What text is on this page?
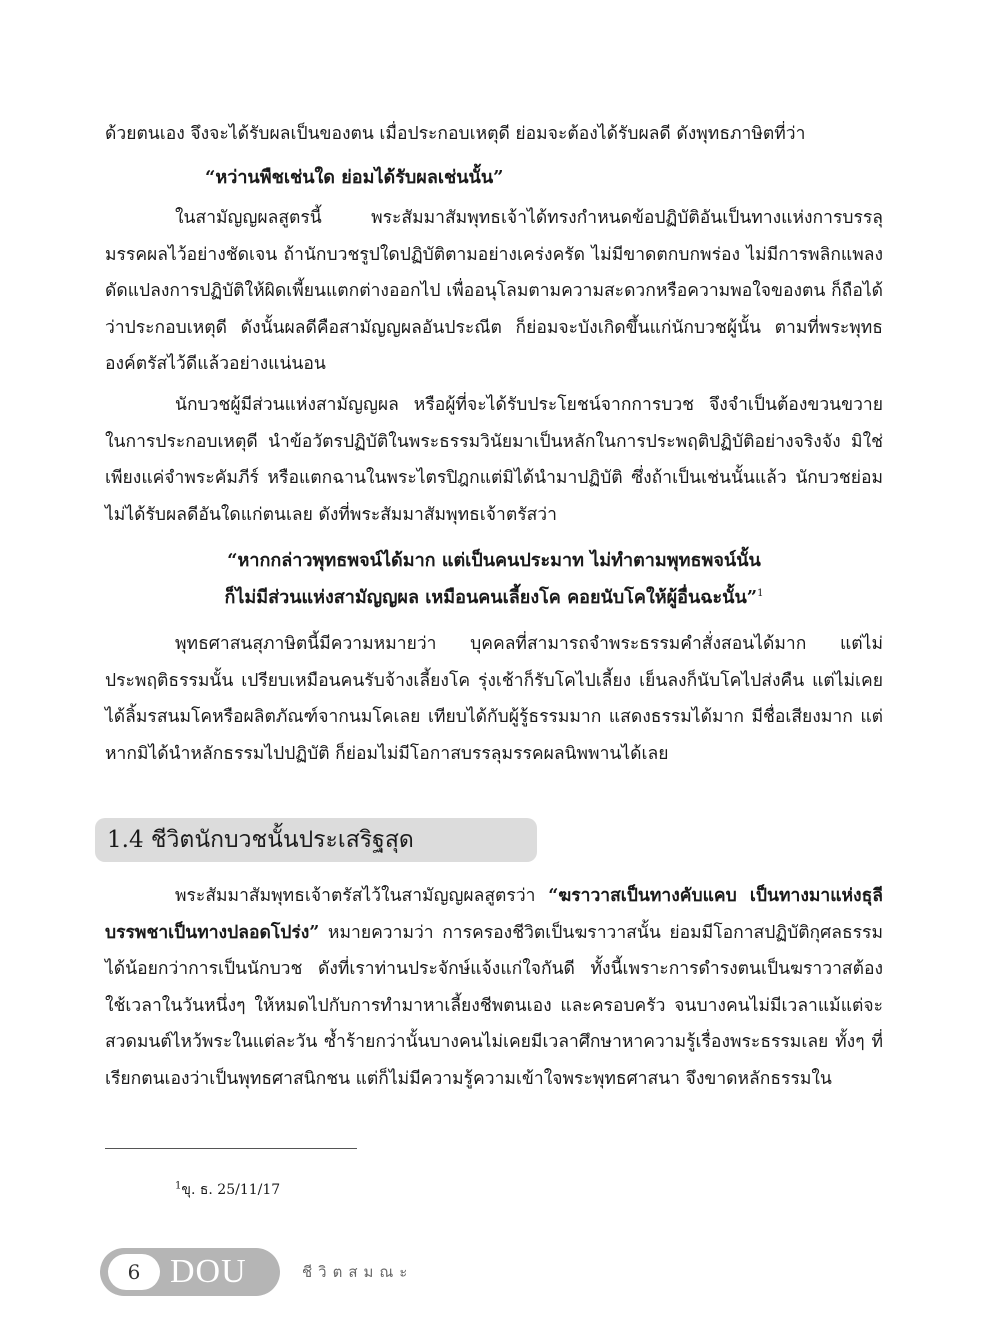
ด้วยตนเอง จึงจะได้รับผลเป็นของตน เมื่อประกอบเหตุดี ย่อมจะต้องได้รับผลดี ดังพุทธภาษิตที่ว่า

“หว่านพืชเช่นใด ย่อมได้รับผลเช่นนั้น”

ในสามัญญผลสูตรนี้ พระสัมมาสัมพุทธเจ้าได้ทรงกำหนดข้อปฏิบัติอันเป็นทางแห่งการบรรลุมรรคผลไว้อย่างชัดเจน ถ้านักบวชรูปใดปฏิบัติตามอย่างเคร่งครัด ไม่มีขาดตกบกพร่อง ไม่มีการพลิกแพลงดัดแปลงการปฏิบัติให้ผิดเพี้ยนแตกต่างออกไป เพื่ออนุโลมตามความสะดวกหรือความพอใจของตน ก็ถือได้ว่าประกอบเหตุดี ดังนั้นผลดีคือสามัญญผลอันประณีต ก็ย่อมจะบังเกิดขึ้นแก่นักบวชผู้นั้น ตามที่พระพุทธองค์ตรัสไว้ดีแล้วอย่างแน่นอน

นักบวชผู้มีส่วนแห่งสามัญญผล หรือผู้ที่จะได้รับประโยชน์จากการบวช จึงจำเป็นต้องขวนขวายในการประกอบเหตุดี นำข้อวัตรปฏิบัติในพระธรรมวินัยมาเป็นหลักในการประพฤติปฏิบัติอย่างจริงจัง มิใช่เพียงแค่จำพระคัมภีร์ หรือแตกฉานในพระไตรปิฎกแต่มิได้นำมาปฏิบัติ ซึ่งถ้าเป็นเช่นนั้นแล้ว นักบวชย่อมไม่ได้รับผลดีอันใดแก่ตนเลย ดังที่พระสัมมาสัมพุทธเจ้าตรัสว่า

“หากกล่าวพุทธพจน์ได้มาก แต่เป็นคนประมาท ไม่ทำตามพุทธพจน์นั้น
ก็ไม่มีส่วนแห่งสามัญญผล เหมือนคนเลี้ยงโค คอยนับโคให้ผู้อื่นฉะนั้น”$^1$

พุทธศาสนสุภาษิตนี้มีความหมายว่า บุคคลที่สามารถจำพระธรรมคำสั่งสอนได้มาก แต่ไม่ประพฤติธรรมนั้น เปรียบเหมือนคนรับจ้างเลี้ยงโค รุ่งเช้าก็รับโคไปเลี้ยง เย็นลงก็นับโคไปส่งคืน แต่ไม่เคยได้ลิ้มรสนมโคหรือผลิตภัณฑ์จากนมโคเลย เทียบได้กับผู้รู้ธรรมมาก แสดงธรรมได้มาก มีชื่อเสียงมาก แต่หากมิได้นำหลักธรรมไปปฏิบัติ ก็ย่อมไม่มีโอกาสบรรลุมรรคผลนิพพานได้เลย

1.4 ชีวิตนักบวชนั้นประเสริฐสุด

พระสัมมาสัมพุทธเจ้าตรัสไว้ในสามัญญผลสูตรว่า “ฆราวาสเป็นทางคับแคบ เป็นทางมาแห่งธุลี บรรพชาเป็นทางปลอดโปร่ง” หมายความว่า การครองชีวิตเป็นฆราวาสนั้น ย่อมมีโอกาสปฏิบัติกุศลธรรมได้น้อยกว่าการเป็นนักบวช ดังที่เราท่านประจักษ์แจ้งแก่ใจกันดี ทั้งนี้เพราะการดำรงตนเป็นฆราวาสต้องใช้เวลาในวันหนึ่งๆ ให้หมดไปกับการทำมาหาเลี้ยงชีพตนเอง และครอบครัว จนบางคนไม่มีเวลาแม้แต่จะสวดมนต์ไหว้พระในแต่ละวัน ซ้ำร้ายกว่านั้นบางคนไม่เคยมีเวลาศึกษาหาความรู้เรื่องพระธรรมเลย ทั้งๆ ที่เรียกตนเองว่าเป็นพุทธศาสนิกชน แต่ก็ไม่มีความรู้ความเข้าใจพระพุทธศาสนา จึงขาดหลักธรรมใน

$^1$ขุ. ธ. 25/11/17
6 DOU	ชีวิตสมณะ
